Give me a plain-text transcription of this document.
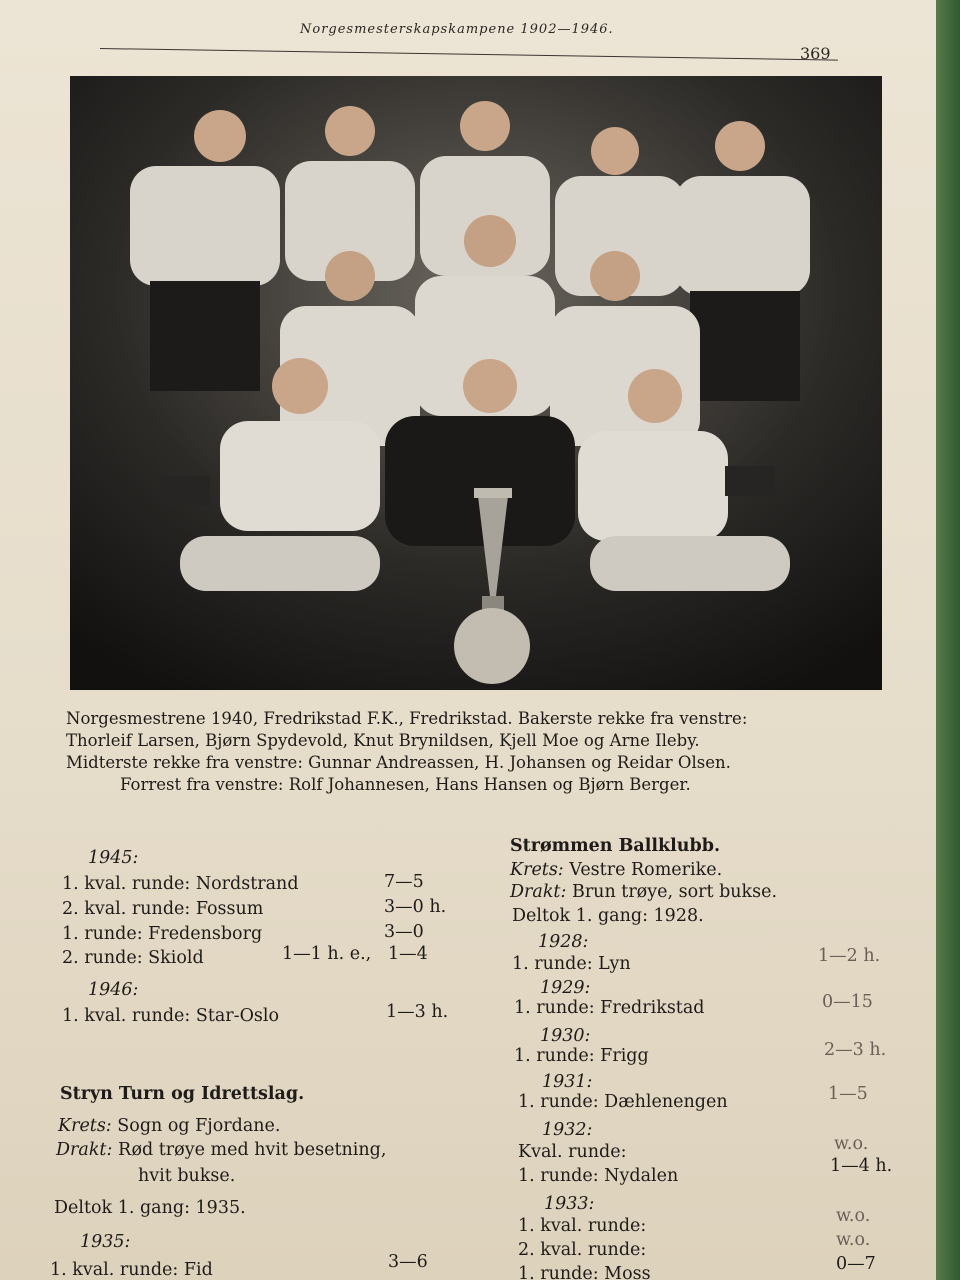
Norgesmesterskapskampene 1902—1946.
369
Norgesmestrene 1940, Fredrikstad F.K., Fredrikstad. Bakerste rekke fra venstre:
Thorleif Larsen, Bjørn Spydevold, Knut Brynildsen, Kjell Moe og Arne Ileby.
Midterste rekke fra venstre: Gunnar Andreassen, H. Johansen og Reidar Olsen.
Forrest fra venstre: Rolf Johannesen, Hans Hansen og Bjørn Berger.
1945:
1. kval. runde: Nordstrand	7—5
2. kval. runde: Fossum	3—0 h.
1. runde: Fredensborg	3—0
2. runde: Skiold	1—1 h. e., 1—4
1946:
1. kval. runde: Star-Oslo	1—3 h.
Stryn Turn og Idrettslag.
Krets: Sogn og Fjordane.
Drakt: Rød trøye med hvit besetning,
hvit bukse.
Deltok 1. gang: 1935.
1935:
1. kval. runde: Fid	3—6
Strømmen Ballklubb.
Krets: Vestre Romerike.
Drakt: Brun trøye, sort bukse.
Deltok 1. gang: 1928.
1928:
1. runde: Lyn	1—2 h.
1929:
1. runde: Fredrikstad	0—15
1930:
1. runde: Frigg	2—3 h.
1931:
1. runde: Dæhlenengen	1—5
1932:
Kval. runde:	w.o.
1. runde: Nydalen	1—4 h.
1933:
1. kval. runde:	w.o.
2. kval. runde:	w.o.
1. runde: Moss	0—7
